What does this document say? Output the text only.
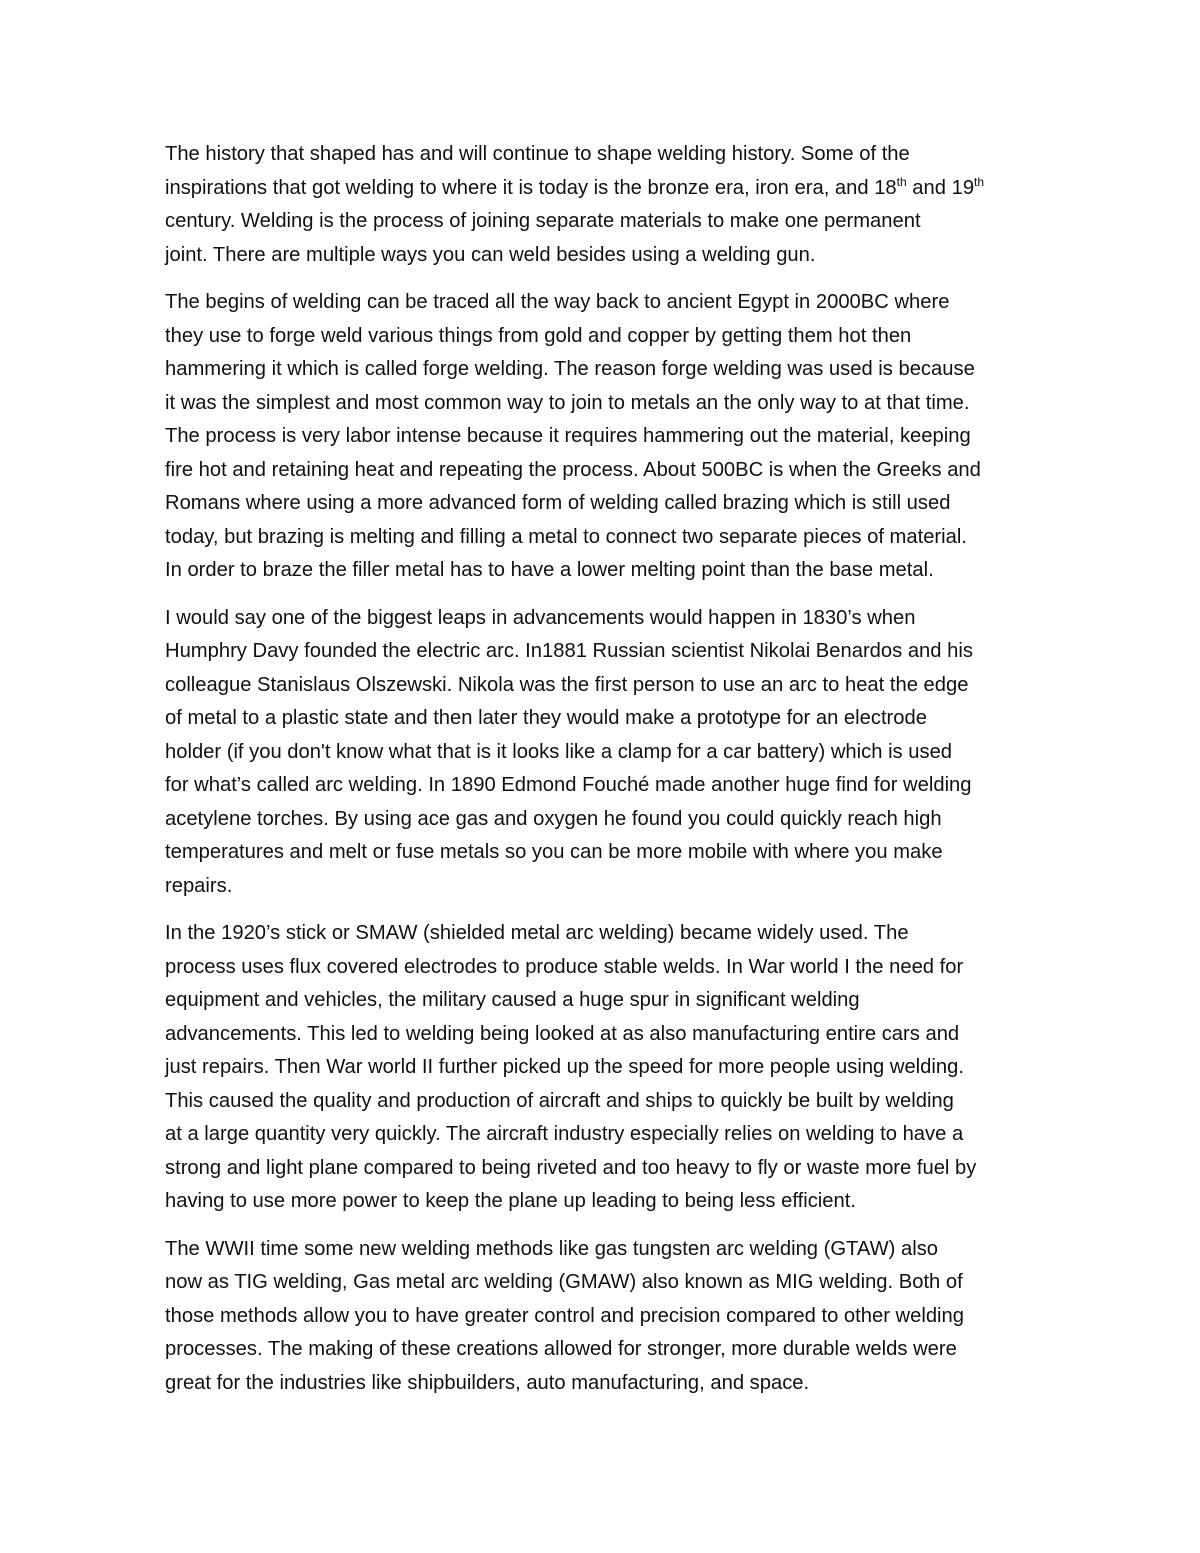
The history that shaped has and will continue to shape welding history. Some of the
inspirations that got welding to where it is today is the bronze era, iron era, and 18th and 19th
century. Welding is the process of joining separate materials to make one permanent
joint. There are multiple ways you can weld besides using a welding gun.

The begins of welding can be traced all the way back to ancient Egypt in 2000BC where
they use to forge weld various things from gold and copper by getting them hot then
hammering it which is called forge welding. The reason forge welding was used is because
it was the simplest and most common way to join to metals an the only way to at that time.
The process is very labor intense because it requires hammering out the material, keeping
fire hot and retaining heat and repeating the process. About 500BC is when the Greeks and
Romans where using a more advanced form of welding called brazing which is still used
today, but brazing is melting and filling a metal to connect two separate pieces of material.
In order to braze the filler metal has to have a lower melting point than the base metal.

I would say one of the biggest leaps in advancements would happen in 1830’s when
Humphry Davy founded the electric arc. In1881 Russian scientist Nikolai Benardos and his
colleague Stanislaus Olszewski. Nikola was the first person to use an arc to heat the edge
of metal to a plastic state and then later they would make a prototype for an electrode
holder (if you don't know what that is it looks like a clamp for a car battery) which is used
for what’s called arc welding. In 1890 Edmond Fouché made another huge find for welding
acetylene torches. By using ace gas and oxygen he found you could quickly reach high
temperatures and melt or fuse metals so you can be more mobile with where you make
repairs.

In the 1920’s stick or SMAW (shielded metal arc welding) became widely used. The
process uses flux covered electrodes to produce stable welds. In War world I the need for
equipment and vehicles, the military caused a huge spur in significant welding
advancements. This led to welding being looked at as also manufacturing entire cars and
just repairs. Then War world II further picked up the speed for more people using welding.
This caused the quality and production of aircraft and ships to quickly be built by welding
at a large quantity very quickly. The aircraft industry especially relies on welding to have a
strong and light plane compared to being riveted and too heavy to fly or waste more fuel by
having to use more power to keep the plane up leading to being less efficient.

The WWII time some new welding methods like gas tungsten arc welding (GTAW) also
now as TIG welding, Gas metal arc welding (GMAW) also known as MIG welding. Both of
those methods allow you to have greater control and precision compared to other welding
processes. The making of these creations allowed for stronger, more durable welds were
great for the industries like shipbuilders, auto manufacturing, and space.
